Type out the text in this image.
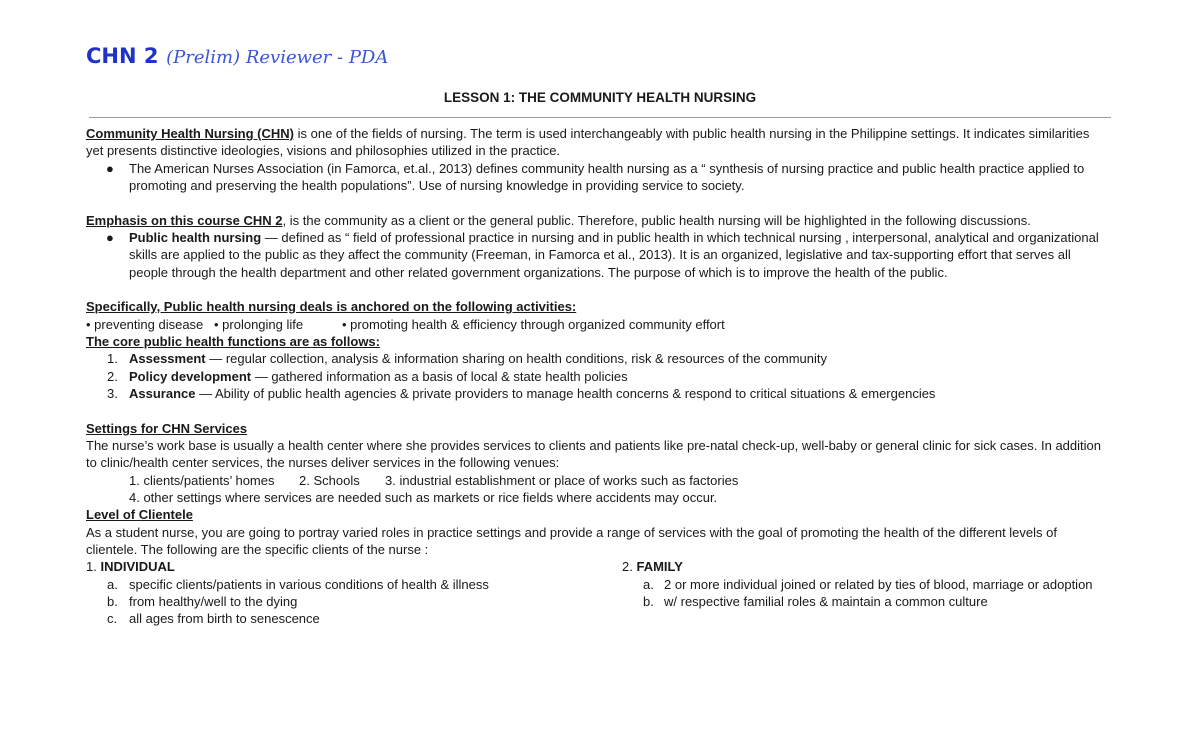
CHN 2 (Prelim) Reviewer - PDA
LESSON 1: THE COMMUNITY HEALTH NURSING
Community Health Nursing (CHN) is one of the fields of nursing. The term is used interchangeably with public health nursing in the Philippine settings. It indicates similarities
yet presents distinctive ideologies, visions and philosophies utilized in the practice.
● The American Nurses Association (in Famorca, et.al., 2013) defines community health nursing as a “ synthesis of nursing practice and public health practice applied to
promoting and preserving the health populations”. Use of nursing knowledge in providing service to society.
Emphasis on this course CHN 2, is the community as a client or the general public. Therefore, public health nursing will be highlighted in the following discussions.
● Public health nursing — defined as “ field of professional practice in nursing and in public health in which technical nursing , interpersonal, analytical and organizational
skills are applied to the public as they affect the community (Freeman, in Famorca et al., 2013). It is an organized, legislative and tax-supporting effort that serves all
people through the health department and other related government organizations. The purpose of which is to improve the health of the public.
Specifically, Public health nursing deals is anchored on the following activities:
• preventing disease • prolonging life	• promoting health & efficiency through organized community effort
The core public health functions are as follows:
1. Assessment — regular collection, analysis & information sharing on health conditions, risk & resources of the community
2. Policy development — gathered information as a basis of local & state health policies
3. Assurance — Ability of public health agencies & private providers to manage health concerns & respond to critical situations & emergencies
Settings for CHN Services
The nurse’s work base is usually a health center where she provides services to clients and patients like pre-natal check-up, well-baby or general clinic for sick cases. In addition
to clinic/health center services, the nurses deliver services in the following venues:
1. clients/patients’ homes 2. Schools 3. industrial establishment or place of works such as factories
4. other settings where services are needed such as markets or rice fields where accidents may occur.
Level of Clientele
As a student nurse, you are going to portray varied roles in practice settings and provide a range of services with the goal of promoting the health of the different levels of
clientele. The following are the specific clients of the nurse :
1. INDIVIDUAL
a. specific clients/patients in various conditions of health & illness
b. from healthy/well to the dying
c. all ages from birth to senescence
2. FAMILY
a. 2 or more individual joined or related by ties of blood, marriage or adoption
b. w/ respective familial roles & maintain a common culture
